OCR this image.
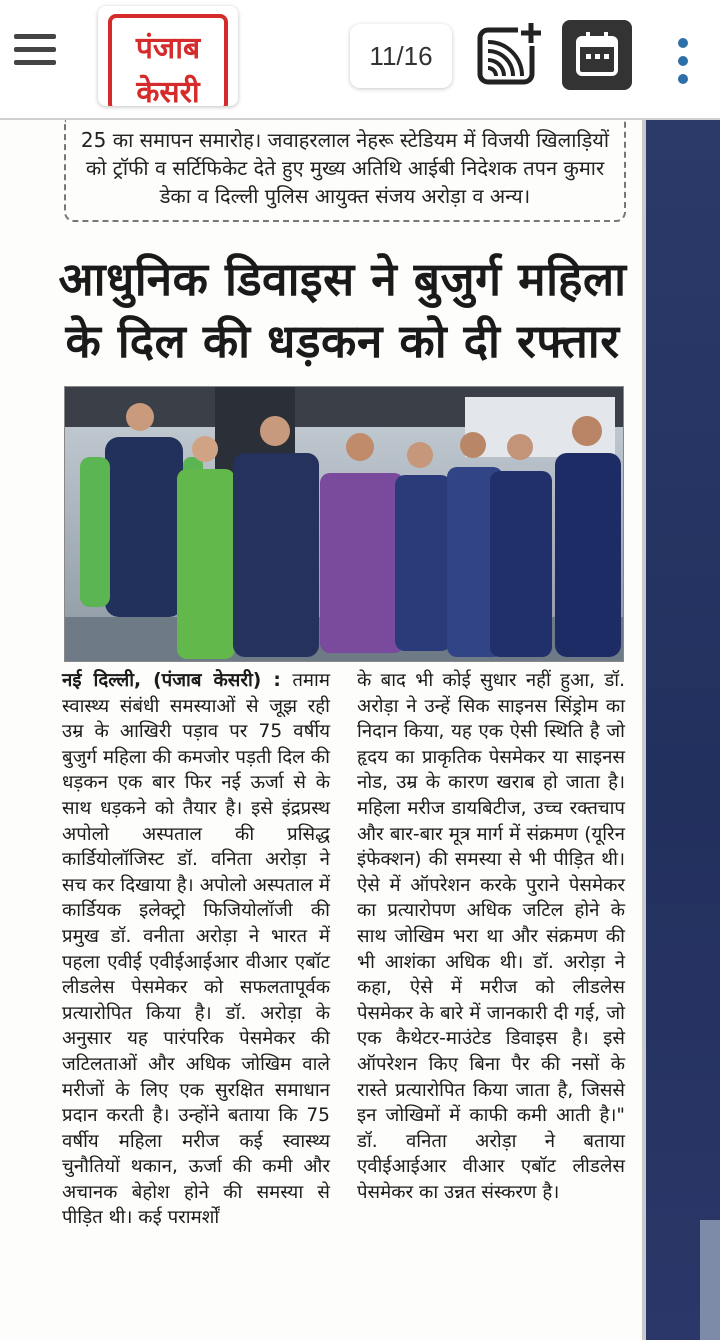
पंजाब
केसरी
11/16
25 का समापन समारोह। जवाहरलाल नेहरू स्टेडियम में विजयी खिलाड़ियों को ट्रॉफी व सर्टिफिकेट देते हुए मुख्य अतिथि आईबी निदेशक तपन कुमार डेका व दिल्ली पुलिस आयुक्त संजय अरोड़ा व अन्य।
आधुनिक डिवाइस ने बुजुर्ग महिला के दिल की धड़कन को दी रफ्तार
नई दिल्ली, (पंजाब केसरी) : तमाम स्वास्थ्य संबंधी समस्याओं से जूझ रही उम्र के आखिरी पड़ाव पर 75 वर्षीय बुजुर्ग महिला की कमजोर पड़ती दिल की धड़कन एक बार फिर नई ऊर्जा से के साथ धड़कने को तैयार है। इसे इंद्रप्रस्थ अपोलो अस्पताल की प्रसिद्ध कार्डियोलॉजिस्ट डॉ. वनिता अरोड़ा ने सच कर दिखाया है। अपोलो अस्पताल में कार्डियक इलेक्ट्रो फिजियोलॉजी की प्रमुख डॉ. वनीता अरोड़ा ने भारत में पहला एवीई एवीईआईआर वीआर एबॉट लीडलेस पेसमेकर को सफलतापूर्वक प्रत्यारोपित किया है। डॉ. अरोड़ा के अनुसार यह पारंपरिक पेसमेकर की जटिलताओं और अधिक जोखिम वाले मरीजों के लिए एक सुरक्षित समाधान प्रदान करती है। उन्होंने बताया कि 75 वर्षीय महिला मरीज कई स्वास्थ्य चुनौतियों थकान, ऊर्जा की कमी और अचानक बेहोश होने की समस्या से पीड़ित थी। कई परामर्शों
के बाद भी कोई सुधार नहीं हुआ, डॉ. अरोड़ा ने उन्हें सिक साइनस सिंड्रोम का निदान किया, यह एक ऐसी स्थिति है जो हृदय का प्राकृतिक पेसमेकर या साइनस नोड, उम्र के कारण खराब हो जाता है। महिला मरीज डायबिटीज, उच्च रक्तचाप और बार-बार मूत्र मार्ग में संक्रमण (यूरिन इंफेक्शन) की समस्या से भी पीड़ित थी। ऐसे में ऑपरेशन करके पुराने पेसमेकर का प्रत्यारोपण अधिक जटिल होने के साथ जोखिम भरा था और संक्रमण की भी आशंका अधिक थी। डॉ. अरोड़ा ने कहा, ऐसे में मरीज को लीडलेस पेसमेकर के बारे में जानकारी दी गई, जो एक कैथेटर-माउंटेड डिवाइस है। इसे ऑपरेशन किए बिना पैर की नसों के रास्ते प्रत्यारोपित किया जाता है, जिससे इन जोखिमों में काफी कमी आती है।" डॉ. वनिता अरोड़ा ने बताया एवीईआईआर वीआर एबॉट लीडलेस पेसमेकर का उन्नत संस्करण है।
